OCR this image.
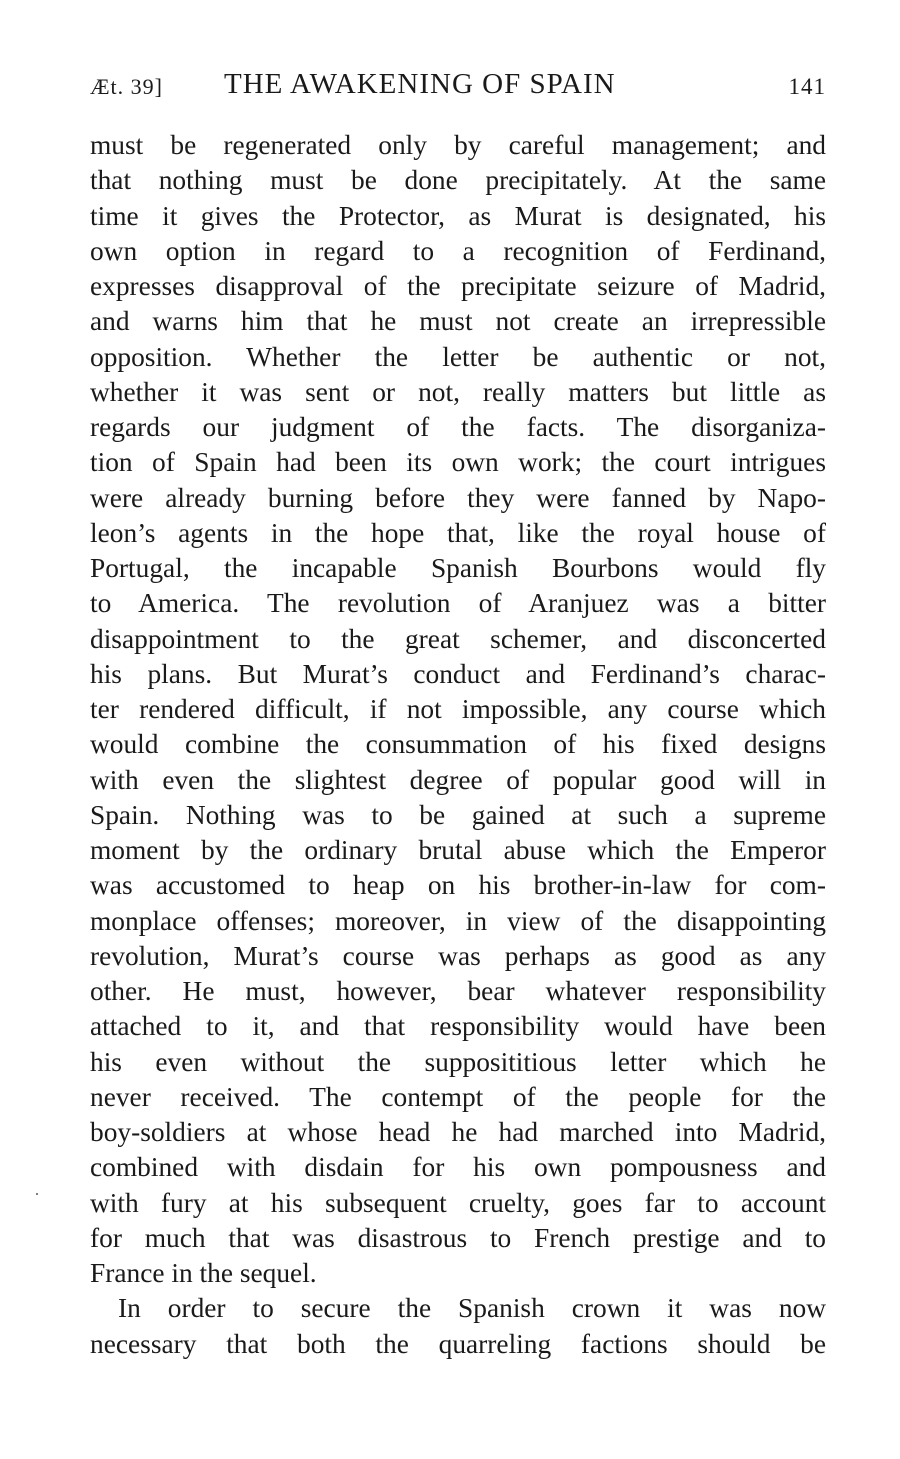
Æt. 39] THE AWAKENING OF SPAIN	141
must be regenerated only by careful management; and
that nothing must be done precipitately. At the same
time it gives the Protector, as Murat is designated, his
own option in regard to a recognition of Ferdinand,
expresses disapproval of the precipitate seizure of Madrid,
and warns him that he must not create an irrepressible
opposition. Whether the letter be authentic or not,
whether it was sent or not, really matters but little as
regards our judgment of the facts. The disorganiza-
tion of Spain had been its own work; the court intrigues
were already burning before they were fanned by Napo-
leon’s agents in the hope that, like the royal house of
Portugal, the incapable Spanish Bourbons would fly
to America. The revolution of Aranjuez was a bitter
disappointment to the great schemer, and disconcerted
his plans. But Murat’s conduct and Ferdinand’s charac-
ter rendered difficult, if not impossible, any course which
would combine the consummation of his fixed designs
with even the slightest degree of popular good will in
Spain. Nothing was to be gained at such a supreme
moment by the ordinary brutal abuse which the Emperor
was accustomed to heap on his brother-in-law for com-
monplace offenses; moreover, in view of the disappointing
revolution, Murat’s course was perhaps as good as any
other. He must, however, bear whatever responsibility
attached to it, and that responsibility would have been
his even without the supposititious letter which he
never received. The contempt of the people for the
boy-soldiers at whose head he had marched into Madrid,
combined with disdain for his own pompousness and
with fury at his subsequent cruelty, goes far to account
for much that was disastrous to French prestige and to
France in the sequel.
In order to secure the Spanish crown it was now
necessary that both the quarreling factions should be
